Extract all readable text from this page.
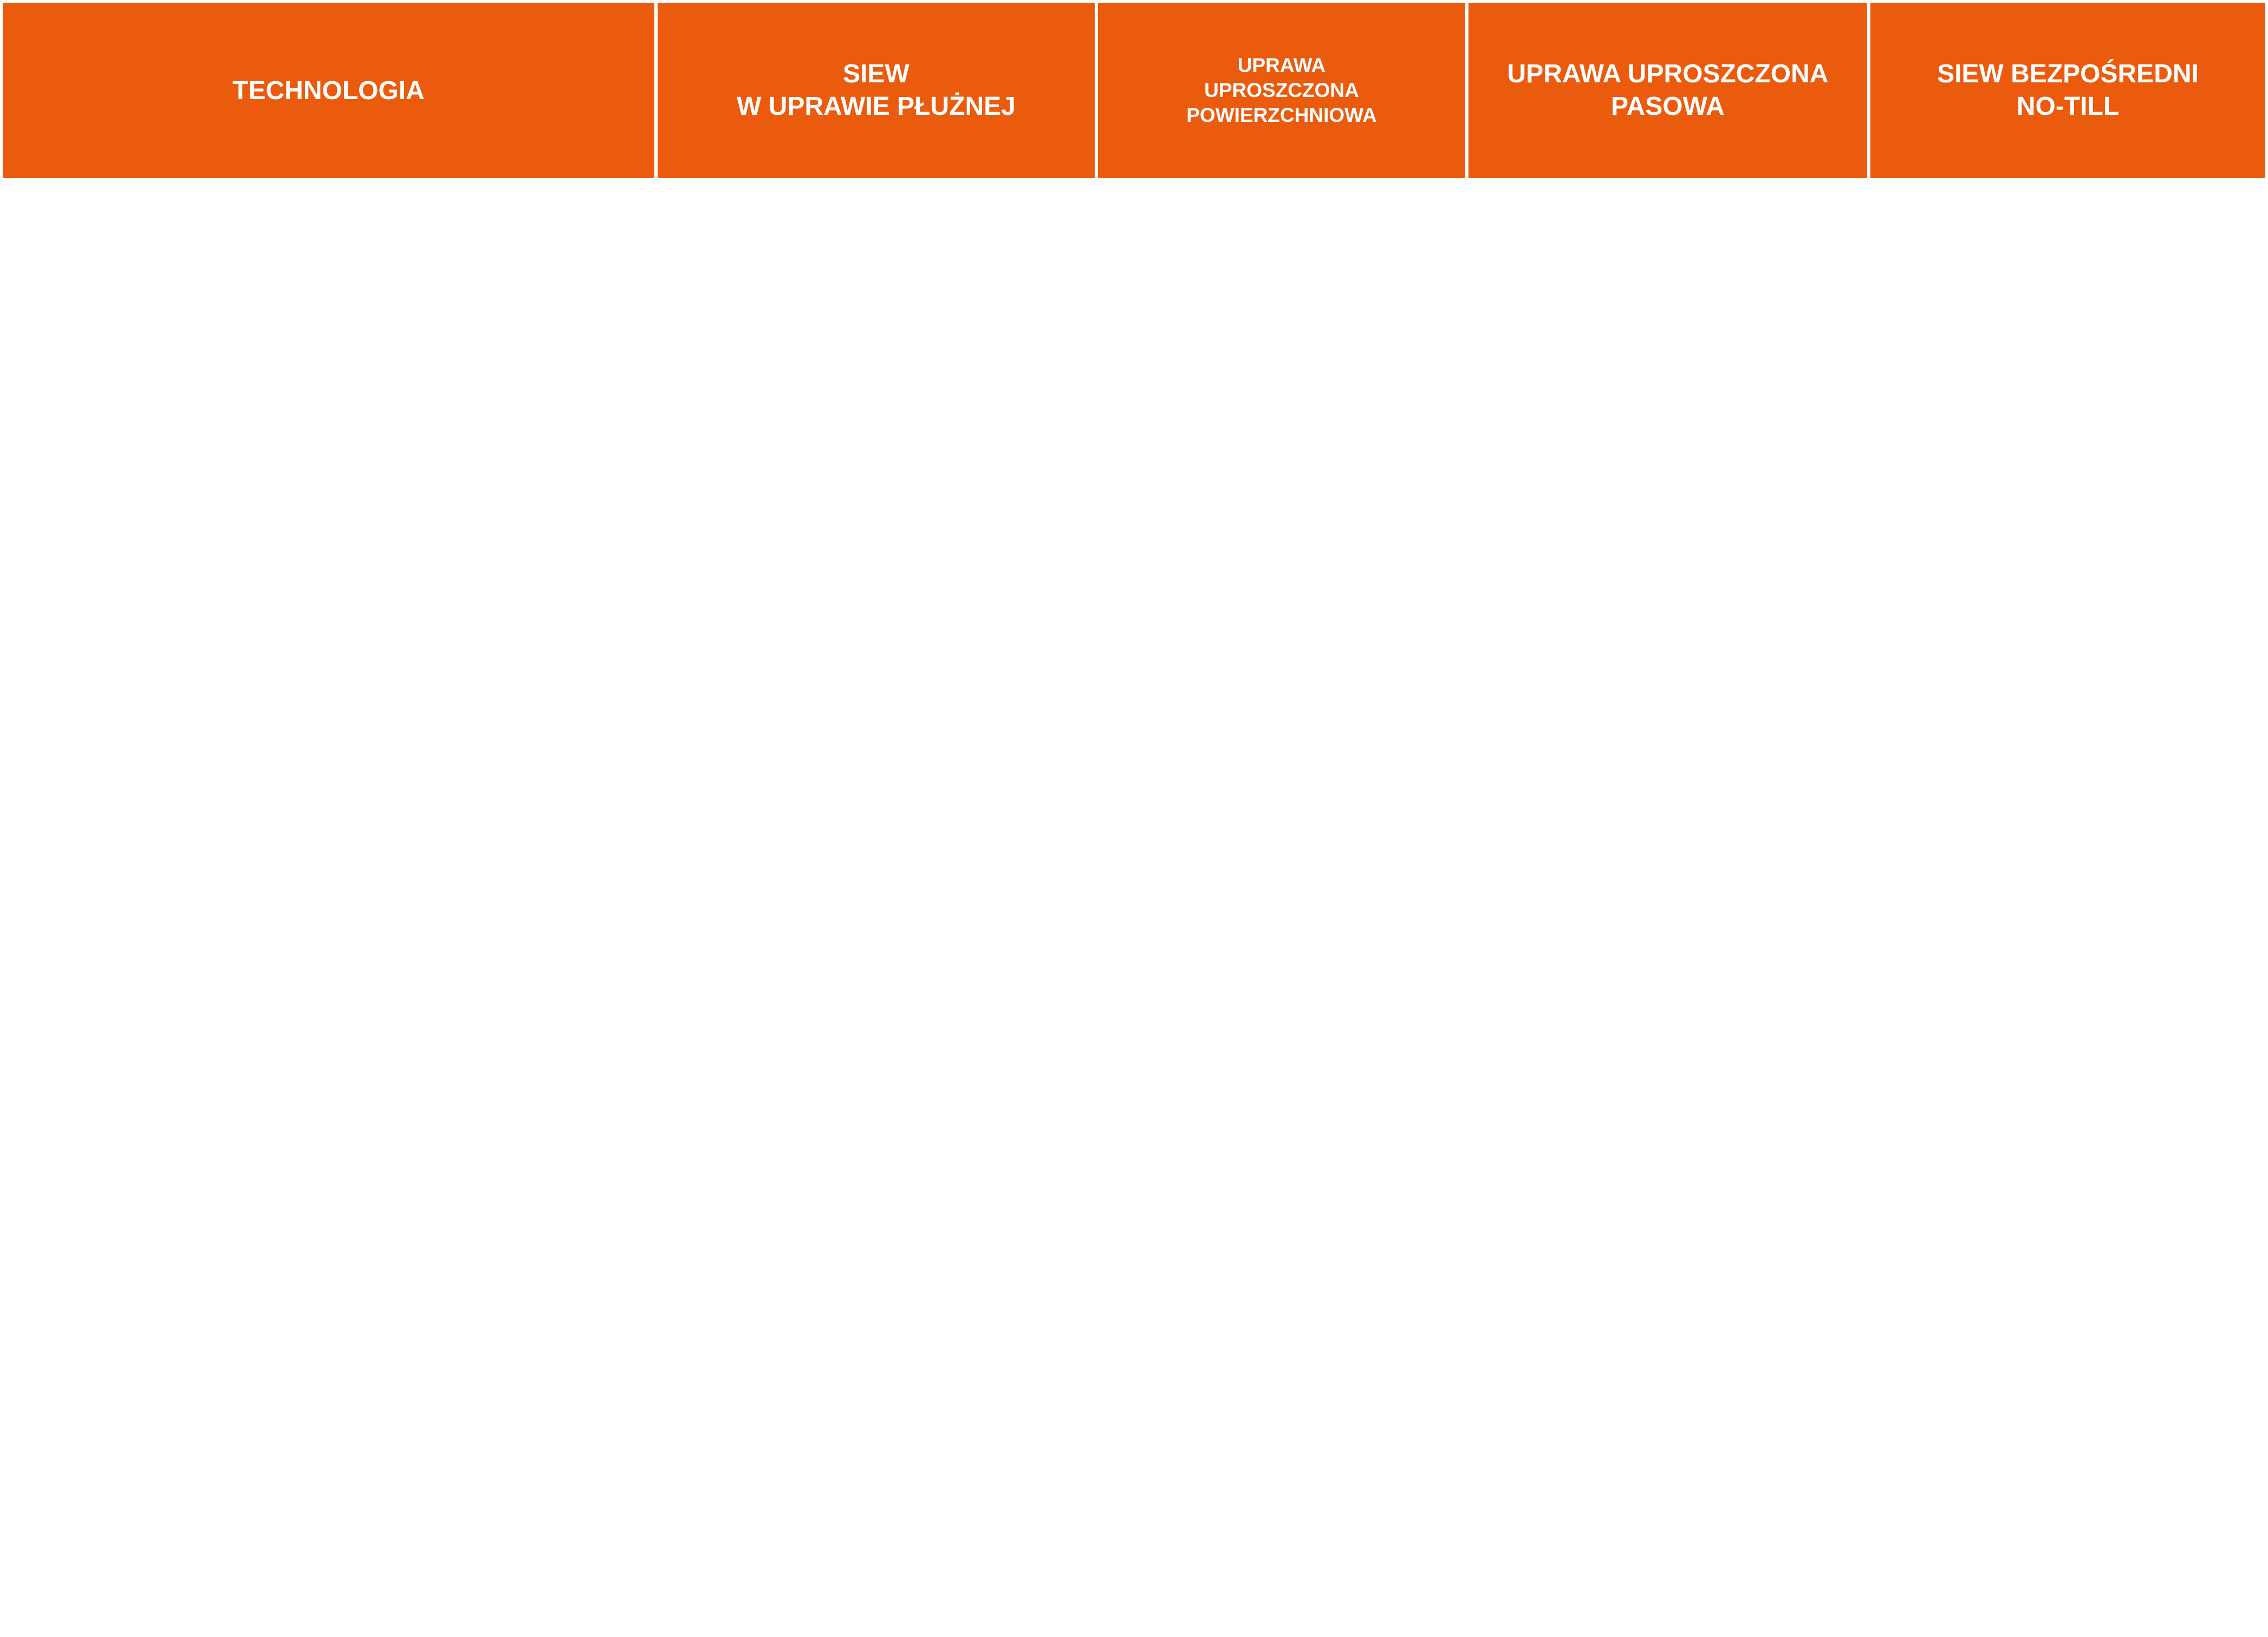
TECHNOLOGIA
SIEW
W UPRAWIE PŁUŻNEJ
UPRAWA
UPROSZCZONA
POWIERZCHNIOWA
UPRAWA UPROSZCZONA
PASOWA
SIEW BEZPOŚREDNI
NO-TILL
